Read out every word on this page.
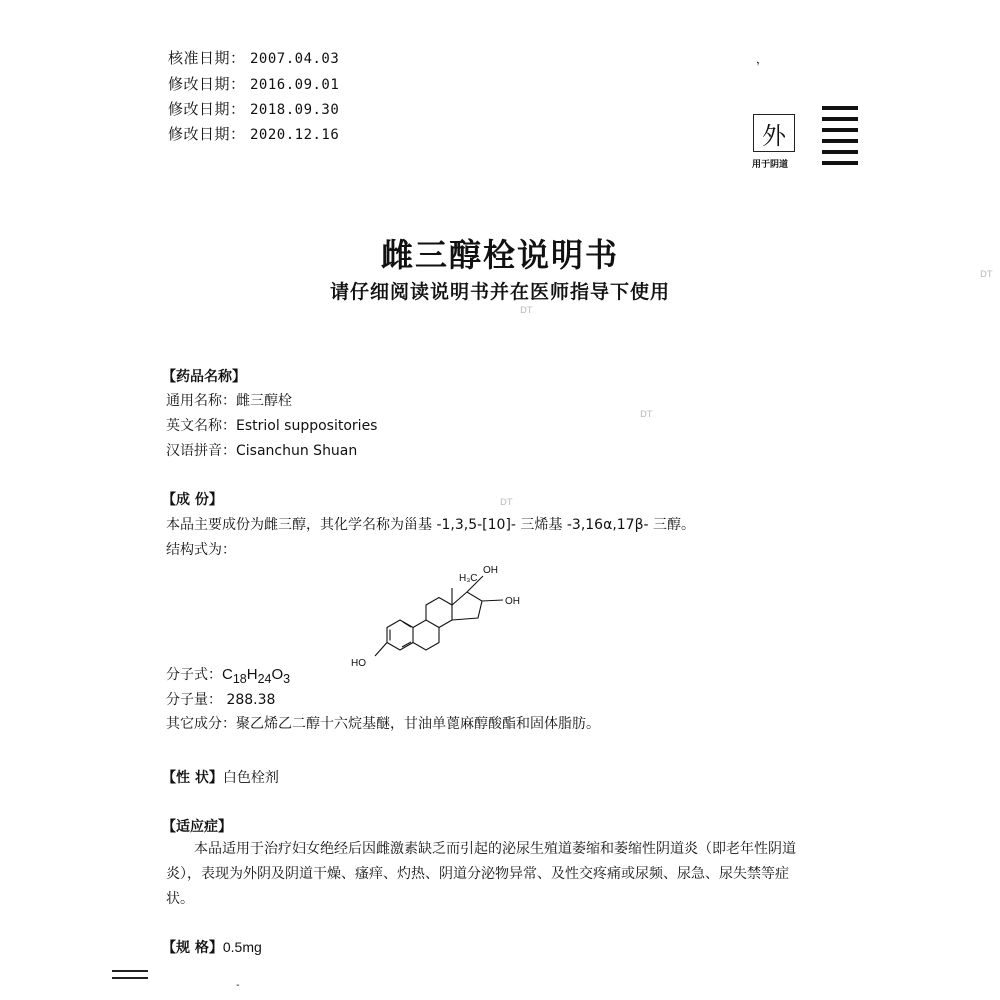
核准日期： 2007.04.03
修改日期： 2016.09.01
修改日期： 2018.09.30
修改日期： 2020.12.16
，
外
用于阴道
雌三醇栓说明书
请仔细阅读说明书并在医师指导下使用
DT
DT
DT
DT
【药品名称】
通用名称：雌三醇栓
英文名称：Estriol suppositories
汉语拼音：Cisanchun Shuan
【成 份】
本品主要成份为雌三醇，其化学名称为甾基 -1,3,5-[10]- 三烯基 -3,16α,17β- 三醇。
结构式为：
H₃C
OH
OH
HO
分子式：$C_{18}H_{24}O_3$
分子量： 288.38
其它成分：聚乙烯乙二醇十六烷基醚，甘油单蓖麻醇酸酯和固体脂肪。
【性 状】白色栓剂
【适应症】
本品适用于治疗妇女绝经后因雌激素缺乏而引起的泌尿生殖道萎缩和萎缩性阴道炎（即老年性阴道炎），表现为外阴及阴道干燥、瘙痒、灼热、阴道分泌物异常、及性交疼痛或尿频、尿急、尿失禁等症状。
【规 格】0.5mg
-
